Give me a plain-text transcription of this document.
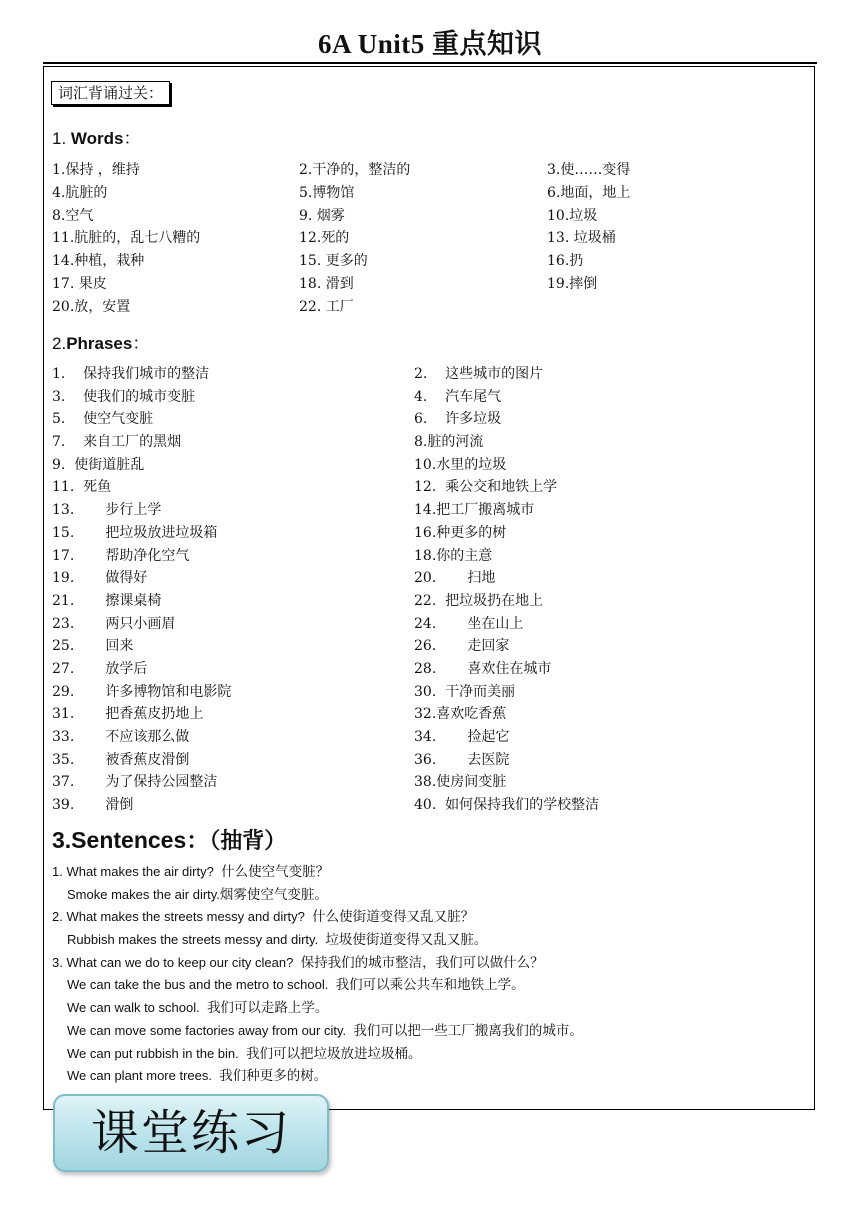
6A Unit5 重点知识
词汇背诵过关：
1. Words：
1.保持 ，维持	2.干净的，整洁的	3.使……变得
4.肮脏的	5.博物馆	6.地面，地上
8.空气	9. 烟雾	10.垃圾
11.肮脏的，乱七八糟的	12.死的	13. 垃圾桶
14.种植，栽种	15. 更多的	16.扔
17. 果皮	18. 滑到	19.摔倒
20.放，安置	22. 工厂
2.Phrases：
1.    保持我们城市的整洁	2.    这些城市的图片
3.    使我们的城市变脏	4.    汽车尾气
5.    使空气变脏	6.    许多垃圾
7.    来自工厂的黑烟	8.脏的河流
9.  使街道脏乱	10.水里的垃圾
11.  死鱼	12.  乘公交和地铁上学
13.       步行上学	14.把工厂搬离城市
15.       把垃圾放进垃圾箱	16.种更多的树
17.       帮助净化空气	18.你的主意
19.       做得好	20.       扫地
21.       擦课桌椅	22.  把垃圾扔在地上
23.       两只小画眉	24.       坐在山上
25.       回来	26.       走回家
27.       放学后	28.       喜欢住在城市
29.       许多博物馆和电影院	30.  干净而美丽
31.       把香蕉皮扔地上	32.喜欢吃香蕉
33.       不应该那么做	34.       捡起它
35.       被香蕉皮滑倒	36.       去医院
37.       为了保持公园整洁	38.使房间变脏
39.       滑倒	40.  如何保持我们的学校整洁
3.Sentences：（抽背）
1. What makes the air dirty?  什么使空气变脏？
Smoke makes the air dirty.烟雾使空气变脏。
2. What makes the streets messy and dirty?  什么使街道变得又乱又脏？
Rubbish makes the streets messy and dirty.  垃圾使街道变得又乱又脏。
3. What can we do to keep our city clean?  保持我们的城市整洁，我们可以做什么？
We can take the bus and the metro to school.  我们可以乘公共车和地铁上学。
We can walk to school.  我们可以走路上学。
We can move some factories away from our city.  我们可以把一些工厂搬离我们的城市。
We can put rubbish in the bin.  我们可以把垃圾放进垃圾桶。
We can plant more trees.  我们种更多的树。
课堂练习
